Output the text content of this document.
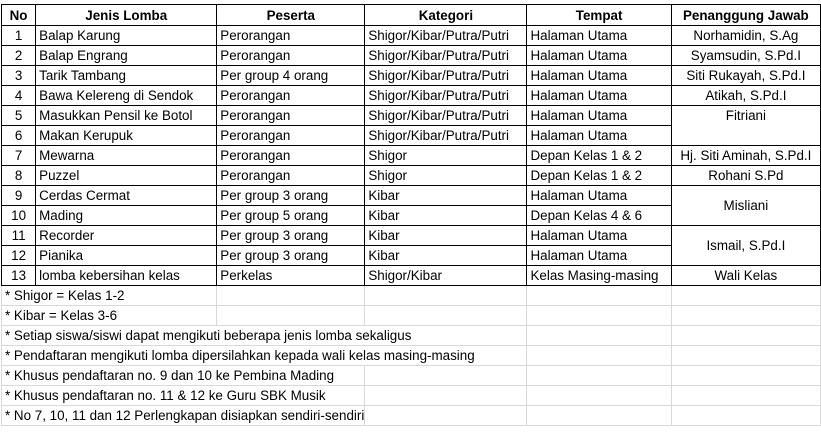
No	Jenis Lomba	Peserta	Kategori	Tempat	Penanggung Jawab
1	Balap Karung	Perorangan	Shigor/Kibar/Putra/Putri	Halaman Utama	Norhamidin, S.Ag
2	Balap Engrang	Perorangan	Shigor/Kibar/Putra/Putri	Halaman Utama	Syamsudin, S.Pd.I
3	Tarik Tambang	Per group 4 orang	Shigor/Kibar/Putra/Putri	Halaman Utama	Siti Rukayah, S.Pd.I
4	Bawa Kelereng di Sendok	Perorangan	Shigor/Kibar/Putra/Putri	Halaman Utama	Atikah, S.Pd.I
5	Masukkan Pensil ke Botol	Perorangan	Shigor/Kibar/Putra/Putri	Halaman Utama	Fitriani
6	Makan Kerupuk	Perorangan	Shigor/Kibar/Putra/Putri	Halaman Utama	
7	Mewarna	Perorangan	Shigor	Depan Kelas 1 & 2	Hj. Siti Aminah, S.Pd.I
8	Puzzel	Perorangan	Shigor	Depan Kelas 1 & 2	Rohani S.Pd
9	Cerdas Cermat	Per group 3 orang	Kibar	Halaman Utama	Misliani
10	Mading	Per group 5 orang	Kibar	Depan Kelas 4 & 6	
11	Recorder	Per group 3 orang	Kibar	Halaman Utama	Ismail, S.Pd.I
12	Pianika	Per group 3 orang	Kibar	Halaman Utama	
13	lomba kebersihan kelas	Perkelas	Shigor/Kibar	Kelas Masing-masing	Wali Kelas
* Shigor = Kelas 1-2					
* Kibar = Kelas 3-6					
* Setiap siswa/siswi dapat mengikuti beberapa jenis lomba sekaligus					
* Pendaftaran mengikuti lomba dipersilahkan kepada wali kelas masing-masing					
* Khusus pendaftaran no. 9 dan 10 ke Pembina Mading					
* Khusus pendaftaran no. 11 & 12 ke Guru SBK Musik					
* No 7, 10, 11 dan 12 Perlengkapan disiapkan sendiri-sendiri					
